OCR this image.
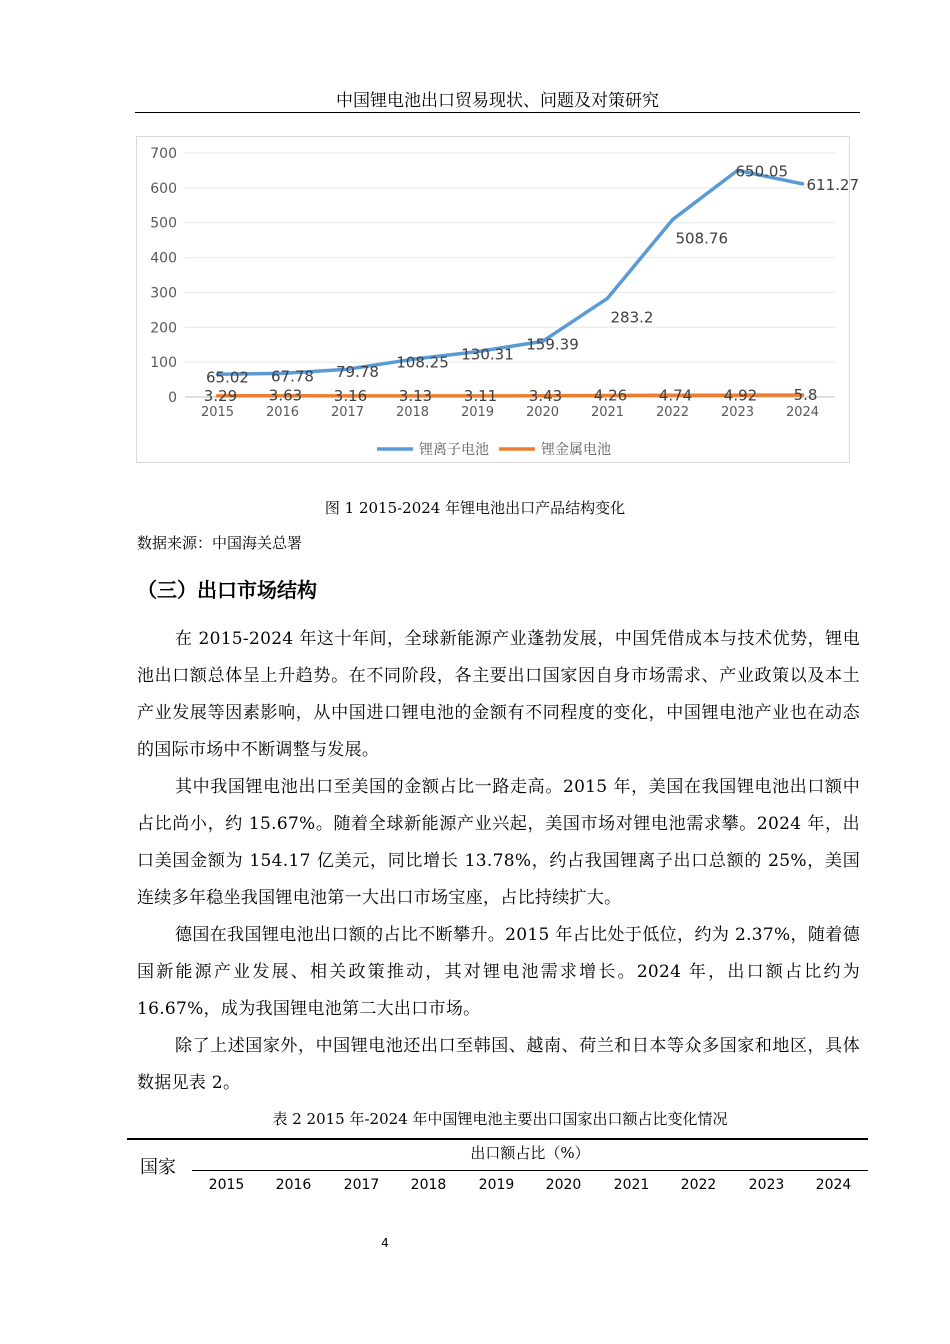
中国锂电池出口贸易现状、问题及对策研究
0
100
200
300
400
500
600
700
2015 2016 2017 2018 2019 2020 2021 2022 2023 2024
65.02 67.78 79.78
108.25 130.31
159.39
283.2
508.76
650.05
611.27
3.29 3.63 3.16 3.13 3.11 3.43 4.26 4.74 4.92 5.8
锂离子电池	锂金属电池
图 1 2015-2024 年锂电池出口产品结构变化
数据来源：中国海关总署
（三）出口市场结构

在 2015-2024 年这十年间，全球新能源产业蓬勃发展，中国凭借成本与技术优势，锂电池出口额总体呈上升趋势。在不同阶段，各主要出口国家因自身市场需求、产业政策以及本土产业发展等因素影响，从中国进口锂电池的金额有不同程度的变化，中国锂电池产业也在动态的国际市场中不断调整与发展。

其中我国锂电池出口至美国的金额占比一路走高。2015 年，美国在我国锂电池出口额中占比尚小，约 15.67%。随着全球新能源产业兴起，美国市场对锂电池需求攀。2024 年，出口美国金额为 154.17 亿美元，同比增长 13.78%，约占我国锂离子出口总额的 25%，美国连续多年稳坐我国锂电池第一大出口市场宝座，占比持续扩大。

德国在我国锂电池出口额的占比不断攀升。2015 年占比处于低位，约为 2.37%，随着德国新能源产业发展、相关政策推动，其对锂电池需求增长。2024 年，出口额占比约为 16.67%，成为我国锂电池第二大出口市场。

除了上述国家外，中国锂电池还出口至韩国、越南、荷兰和日本等众多国家和地区，具体数据见表 2。

表 2 2015 年-2024 年中国锂电池主要出口国家出口额占比变化情况
出口额占比（%）
国家
2015	2016	2017	2018	2019	2020	2021	2022	2023	2024
4
